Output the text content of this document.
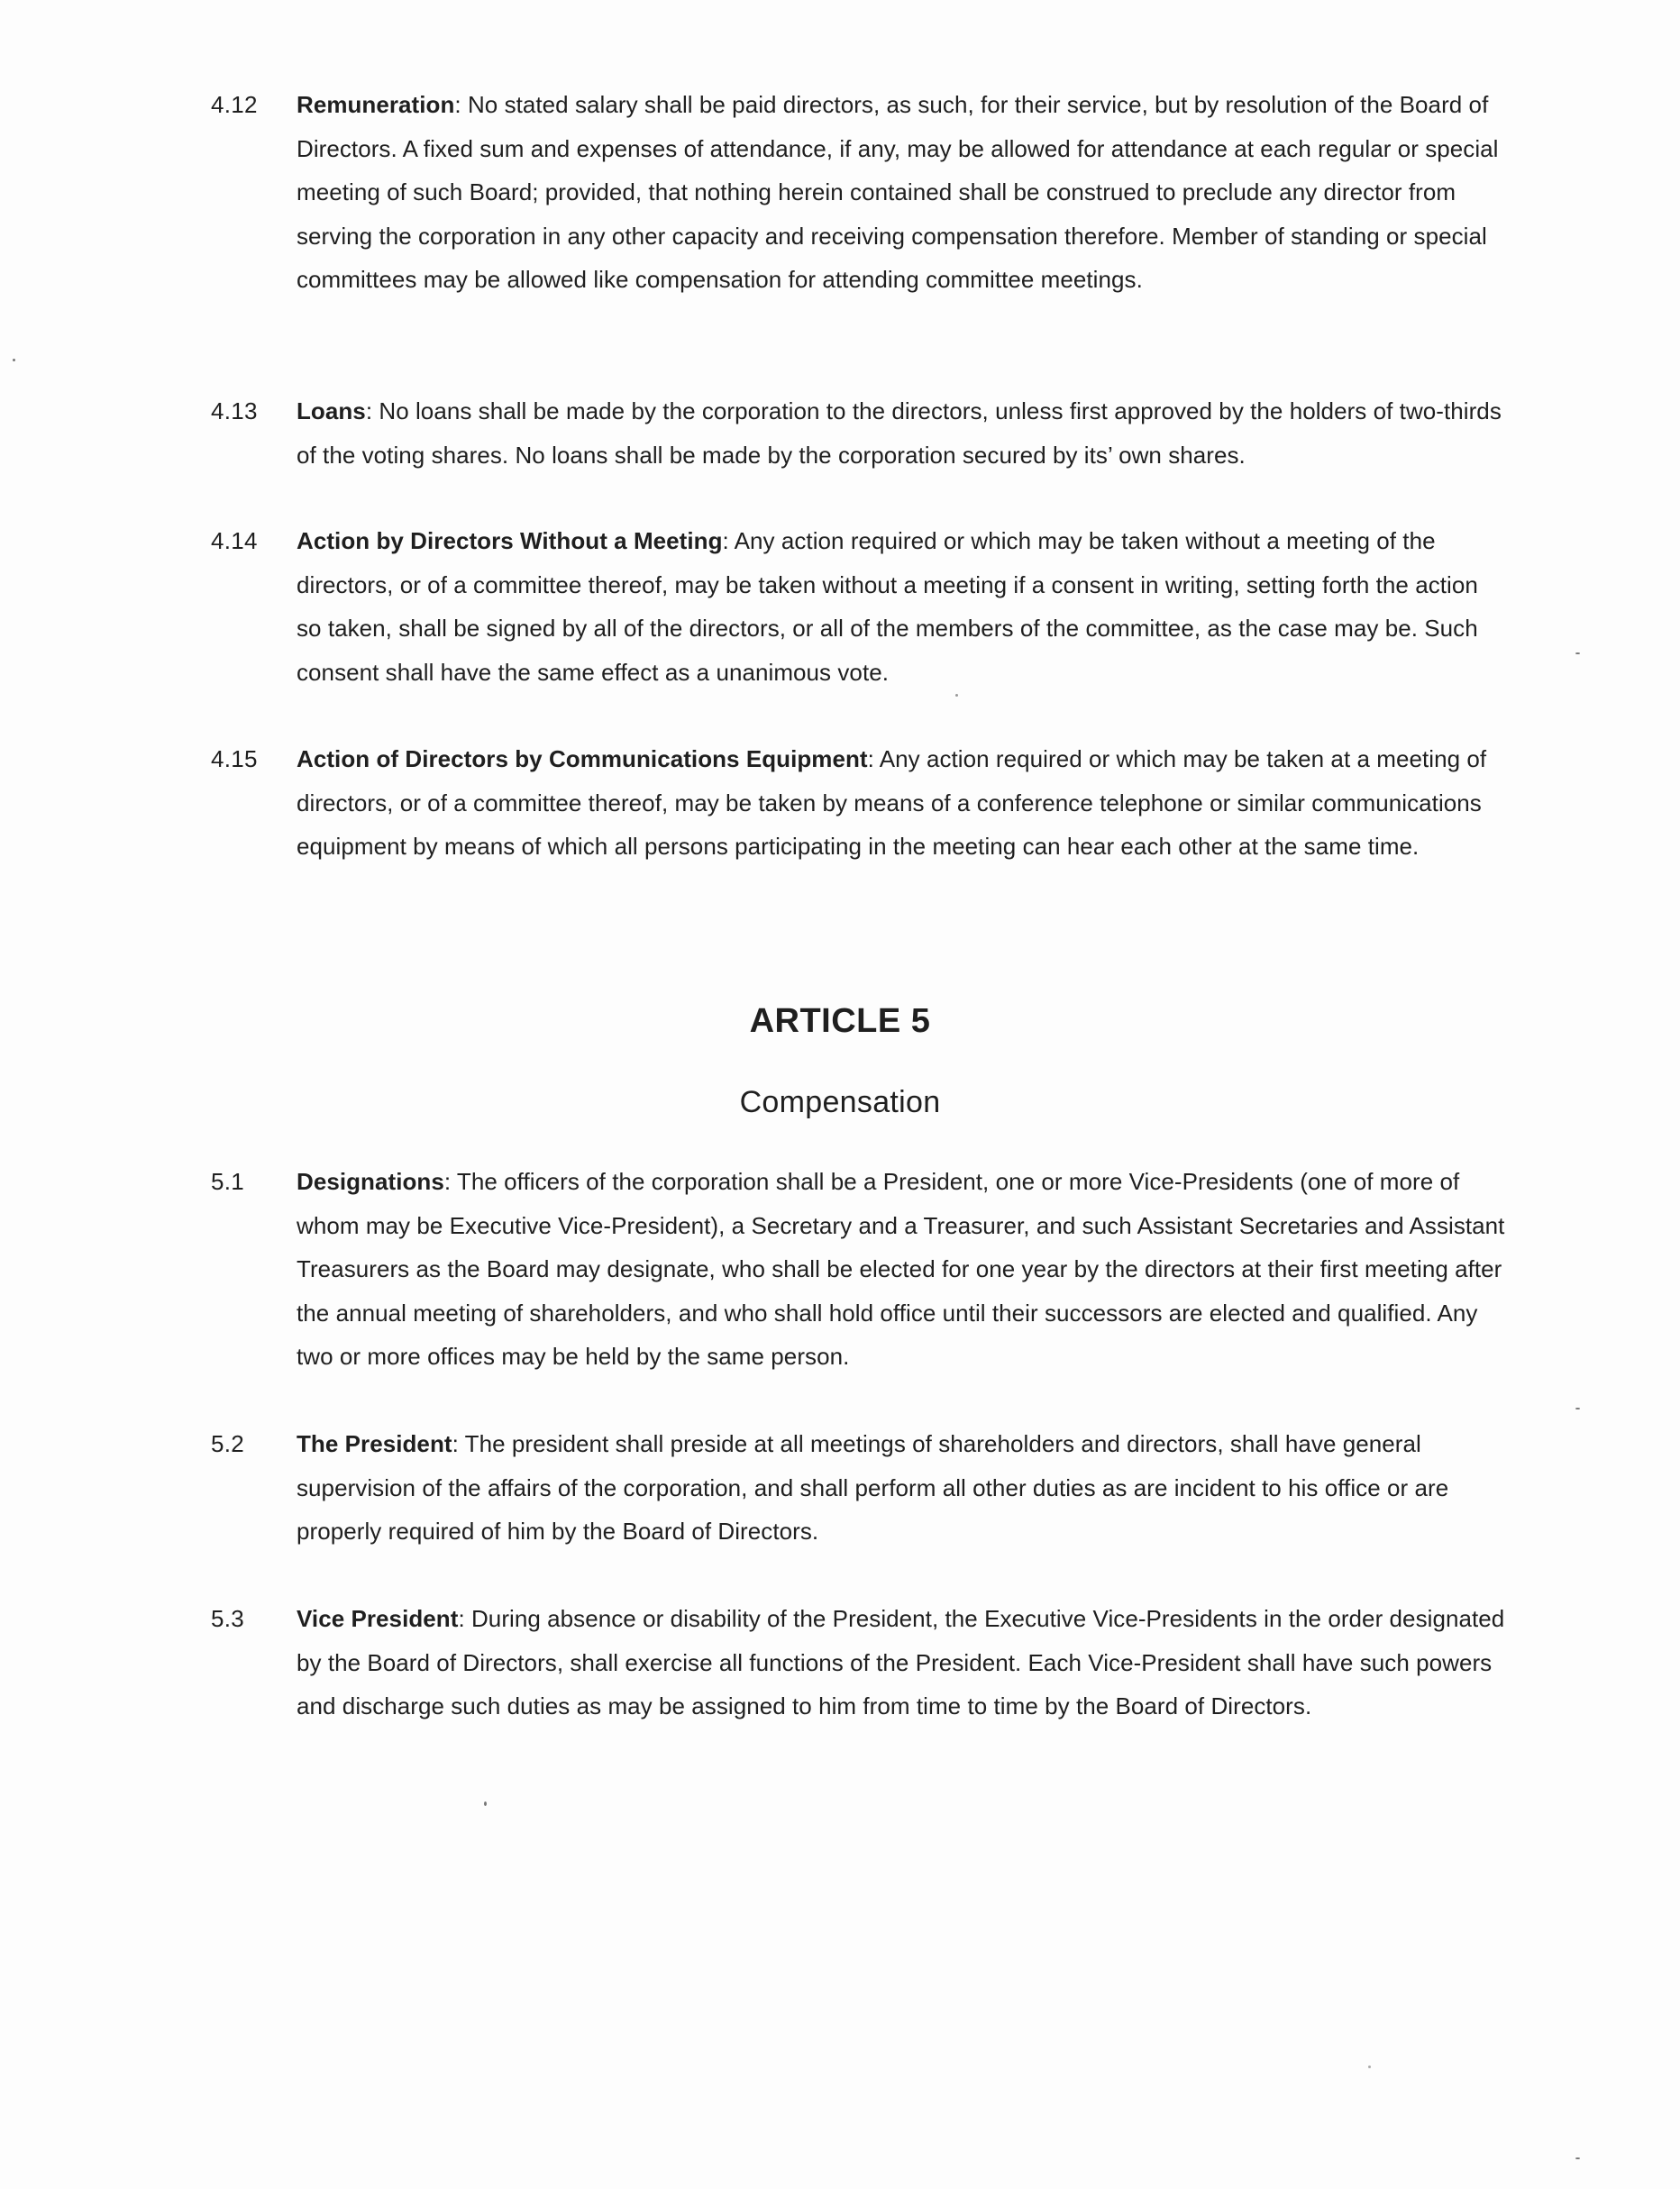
4.12 Remuneration: No stated salary shall be paid directors, as such, for their service, but by resolution of the Board of Directors. A fixed sum and expenses of attendance, if any, may be allowed for attendance at each regular or special meeting of such Board; provided, that nothing herein contained shall be construed to preclude any director from serving the corporation in any other capacity and receiving compensation therefore. Member of standing or special committees may be allowed like compensation for attending committee meetings.
4.13 Loans: No loans shall be made by the corporation to the directors, unless first approved by the holders of two-thirds of the voting shares. No loans shall be made by the corporation secured by its’ own shares.
4.14 Action by Directors Without a Meeting: Any action required or which may be taken without a meeting of the directors, or of a committee thereof, may be taken without a meeting if a consent in writing, setting forth the action so taken, shall be signed by all of the directors, or all of the members of the committee, as the case may be. Such consent shall have the same effect as a unanimous vote.
4.15 Action of Directors by Communications Equipment: Any action required or which may be taken at a meeting of directors, or of a committee thereof, may be taken by means of a conference telephone or similar communications equipment by means of which all persons participating in the meeting can hear each other at the same time.
ARTICLE 5
Compensation
5.1 Designations: The officers of the corporation shall be a President, one or more Vice-Presidents (one of more of whom may be Executive Vice-President), a Secretary and a Treasurer, and such Assistant Secretaries and Assistant Treasurers as the Board may designate, who shall be elected for one year by the directors at their first meeting after the annual meeting of shareholders, and who shall hold office until their successors are elected and qualified. Any two or more offices may be held by the same person.
5.2 The President: The president shall preside at all meetings of shareholders and directors, shall have general supervision of the affairs of the corporation, and shall perform all other duties as are incident to his office or are properly required of him by the Board of Directors.
5.3 Vice President: During absence or disability of the President, the Executive Vice-Presidents in the order designated by the Board of Directors, shall exercise all functions of the President. Each Vice-President shall have such powers and discharge such duties as may be assigned to him from time to time by the Board of Directors.
